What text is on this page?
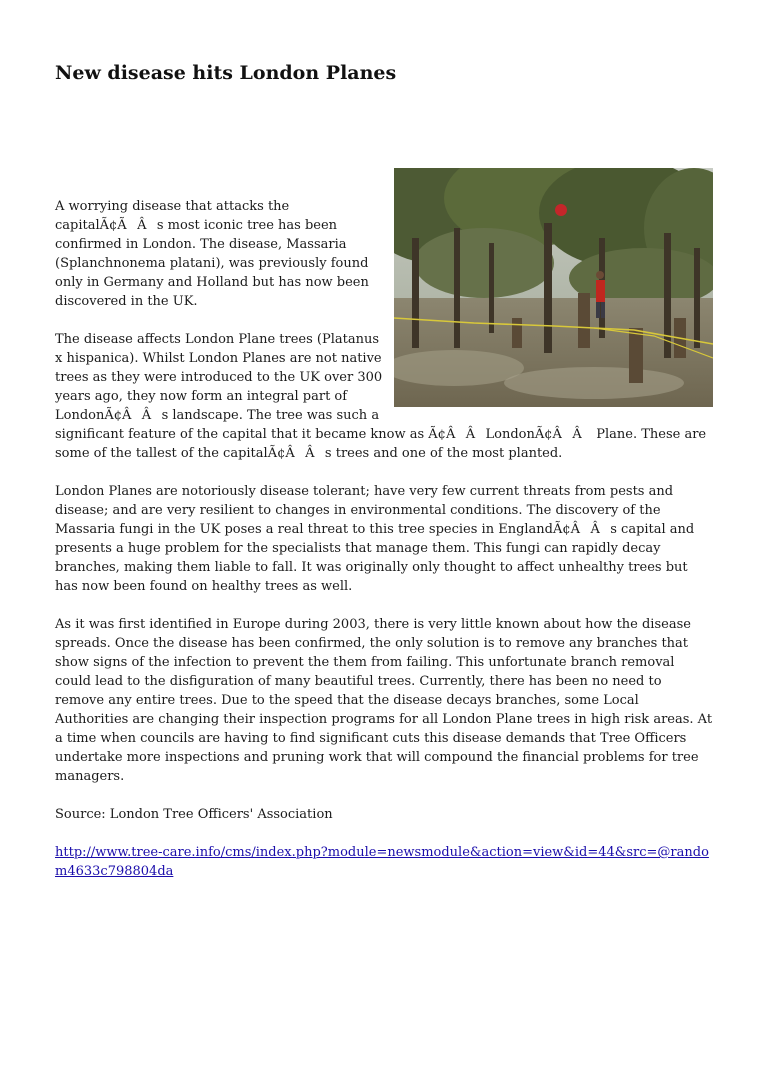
New disease hits London Planes

A worrying disease that attacks the capitalÃ¢ÃÂs most iconic tree has been confirmed in London. The disease, Massaria (Splanchnonema platani), was previously found only in Germany and Holland but has now been discovered in the UK.

The disease affects London Plane trees (Platanus x hispanica). Whilst London Planes are not native trees as they were introduced to the UK over 300 years ago, they now form an integral part of LondonÃ¢ÂÂs landscape. The tree was such a significant feature of the capital that it became know as Ã¢ÂÂLondonÃ¢ÂÂ Plane. These are some of the tallest of the capitalÃ¢ÂÂs trees and one of the most planted.

London Planes are notoriously disease tolerant; have very few current threats from pests and disease; and are very resilient to changes in environmental conditions. The discovery of the Massaria fungi in the UK poses a real threat to this tree species in EnglandÃ¢ÂÂs capital and presents a huge problem for the specialists that manage them. This fungi can rapidly decay branches, making them liable to fall. It was originally only thought to affect unhealthy trees but has now been found on healthy trees as well.

As it was first identified in Europe during 2003, there is very little known about how the disease spreads. Once the disease has been confirmed, the only solution is to remove any branches that show signs of the infection to prevent the them from failing. This unfortunate branch removal could lead to the disfiguration of many beautiful trees. Currently, there has been no need to remove any entire trees. Due to the speed that the disease decays branches, some Local Authorities are changing their inspection programs for all London Plane trees in high risk areas. At a time when councils are having to find significant cuts this disease demands that Tree Officers undertake more inspections and pruning work that will compound the financial problems for tree managers.

Source: London Tree Officers' Association

http://www.tree-care.info/cms/index.php?module=newsmodule&action=view&id=44&src=@random4633c798804da
